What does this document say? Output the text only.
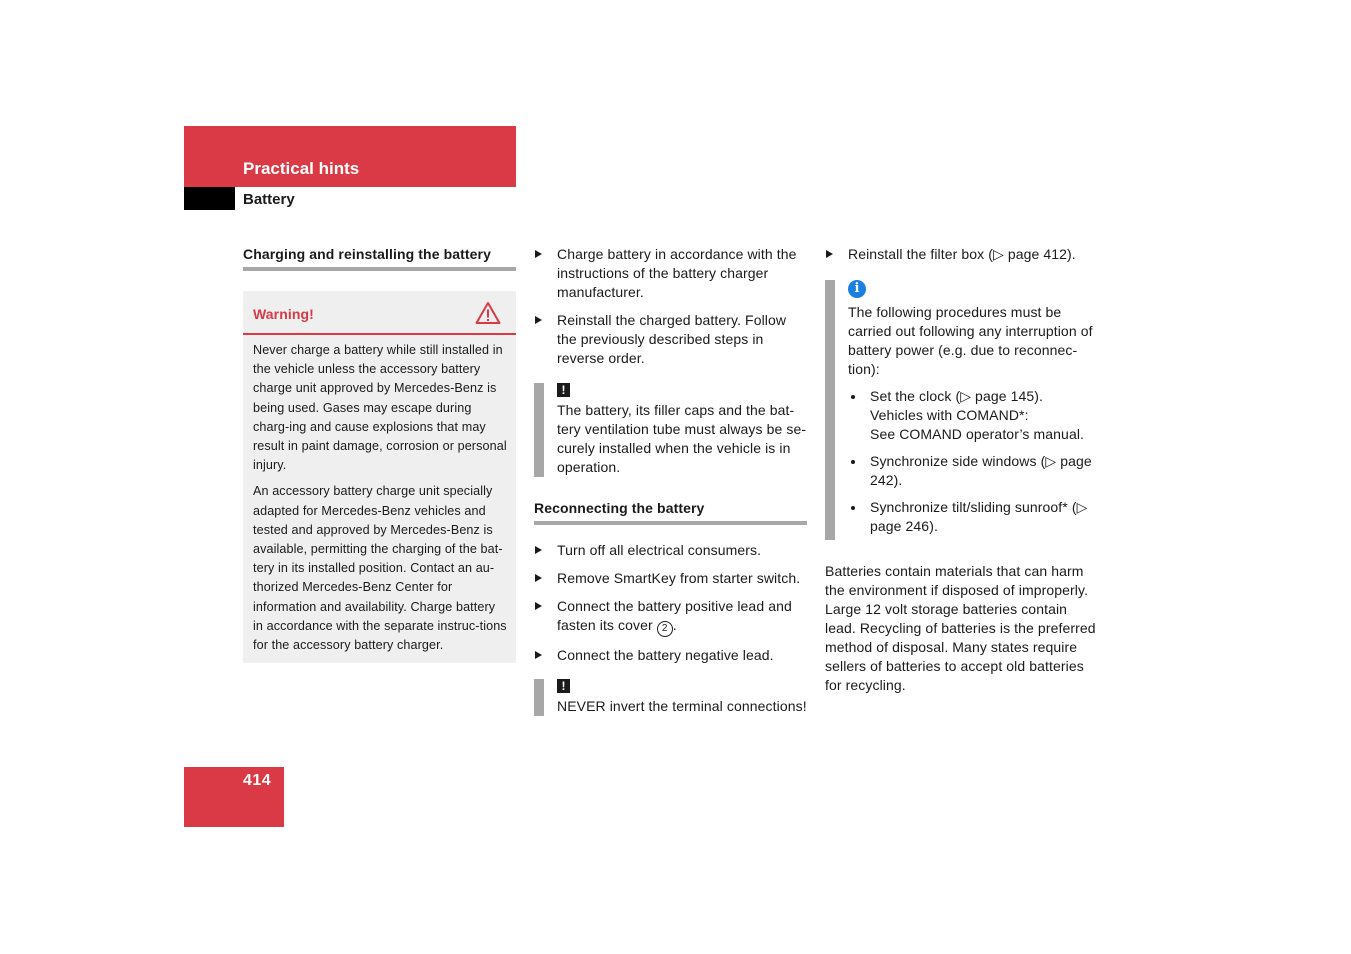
Practical hints
Battery
Charging and reinstalling the battery
Warning!

Never charge a battery while still installed in the vehicle unless the accessory battery charge unit approved by Mercedes-Benz is being used. Gases may escape during charg-ing and cause explosions that may result in paint damage, corrosion or personal injury.

An accessory battery charge unit specially adapted for Mercedes-Benz vehicles and tested and approved by Mercedes-Benz is available, permitting the charging of the bat-tery in its installed position. Contact an au-thorized Mercedes-Benz Center for information and availability. Charge battery in accordance with the separate instruc-tions for the accessory battery charger.

Charge battery in accordance with the instructions of the battery charger manufacturer.
Reinstall the charged battery. Follow the previously described steps in reverse order.
!
The battery, its filler caps and the bat-tery ventilation tube must always be se-curely installed when the vehicle is in operation.
Reconnecting the battery
Turn off all electrical consumers.
Remove SmartKey from starter switch.
Connect the battery positive lead and fasten its cover 2 .
Connect the battery negative lead.
!
NEVER invert the terminal connections!
Reinstall the filter box (▷ page 412).
i
The following procedures must be carried out following any interruption of battery power (e.g. due to reconnec-tion):
Set the clock (▷ page 145).
Vehicles with COMAND*:
See COMAND operator’s manual.
Synchronize side windows (▷ page 242).
Synchronize tilt/sliding sunroof* (▷ page 246).
Batteries contain materials that can harm the environment if disposed of improperly. Large 12 volt storage batteries contain lead. Recycling of batteries is the preferred method of disposal. Many states require sellers of batteries to accept old batteries for recycling.
414
